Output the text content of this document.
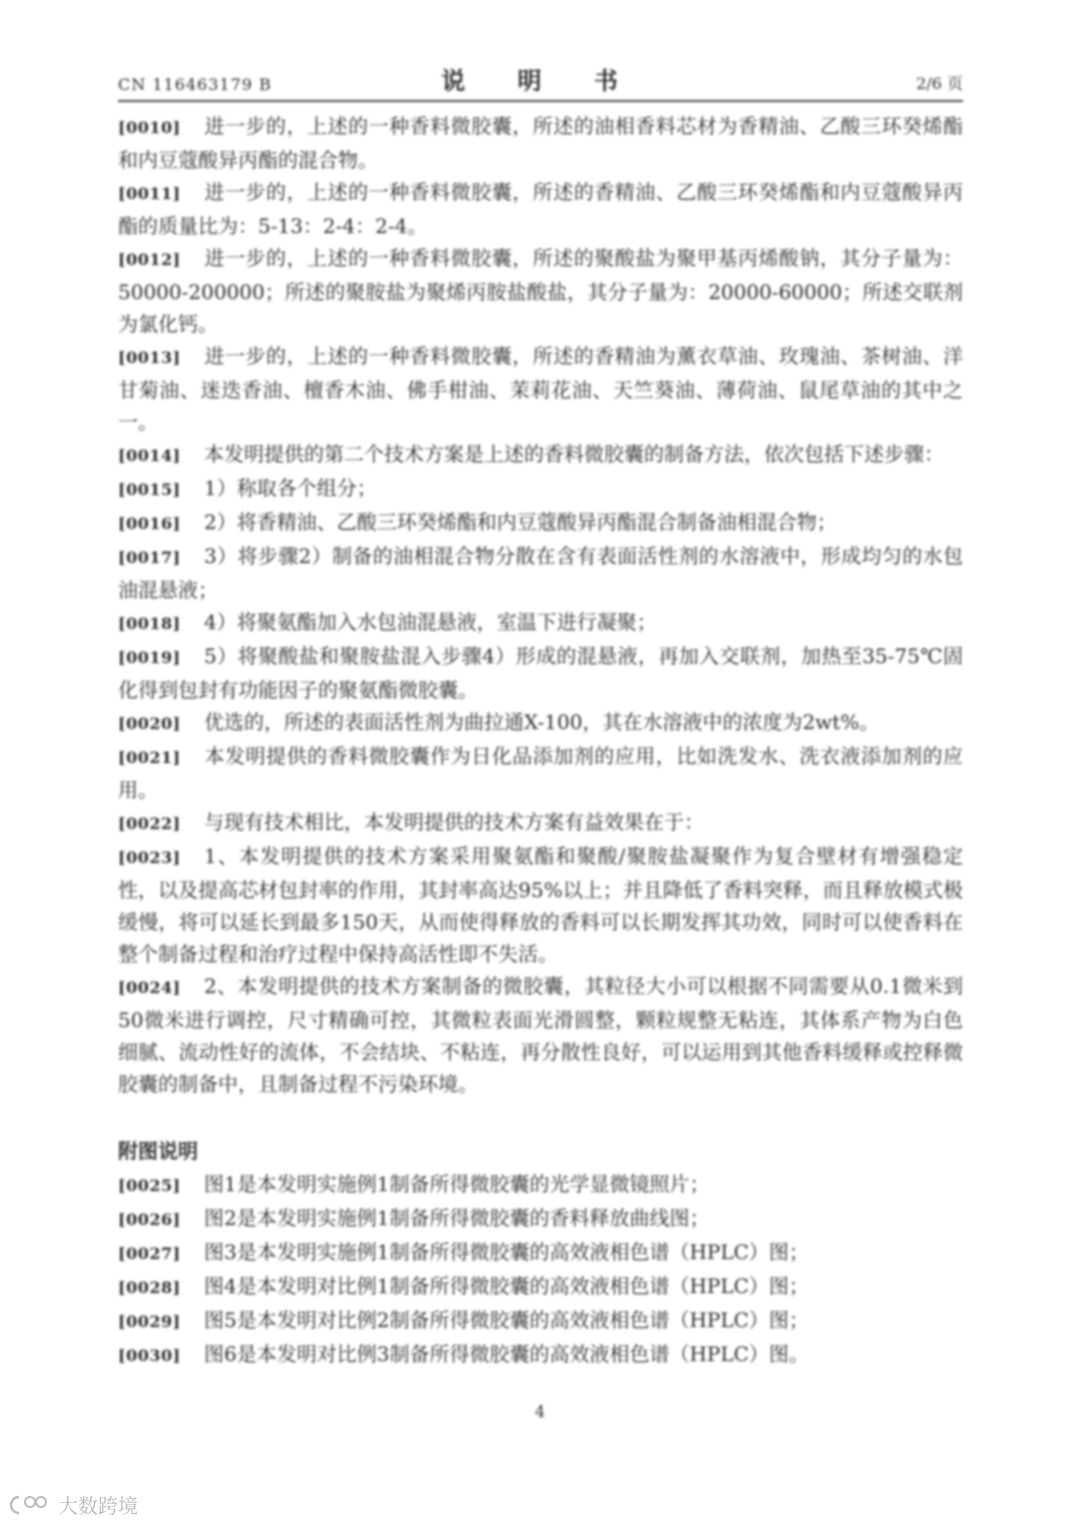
CN 116463179 B	说 明 书	2/6 页

[0010] 进一步的，上述的一种香料微胶囊，所述的油相香料芯材为香精油、乙酸三环癸烯酯和内豆蔻酸异丙酯的混合物。

[0011] 进一步的，上述的一种香料微胶囊，所述的香精油、乙酸三环癸烯酯和内豆蔻酸异丙酯的质量比为：5-13：2-4：2-4。

[0012] 进一步的，上述的一种香料微胶囊，所述的聚酸盐为聚甲基丙烯酸钠，其分子量为：50000-200000；所述的聚胺盐为聚烯丙胺盐酸盐，其分子量为：20000-60000；所述交联剂为氯化钙。

[0013] 进一步的，上述的一种香料微胶囊，所述的香精油为薰衣草油、玫瑰油、茶树油、洋甘菊油、迷迭香油、檀香木油、佛手柑油、茉莉花油、天竺葵油、薄荷油、鼠尾草油的其中之一。

[0014] 本发明提供的第二个技术方案是上述的香料微胶囊的制备方法，依次包括下述步骤：

[0015] 1）称取各个组分；

[0016] 2）将香精油、乙酸三环癸烯酯和内豆蔻酸异丙酯混合制备油相混合物；

[0017] 3）将步骤2）制备的油相混合物分散在含有表面活性剂的水溶液中，形成均匀的水包油混悬液；

[0018] 4）将聚氨酯加入水包油混悬液，室温下进行凝聚；

[0019] 5）将聚酸盐和聚胺盐混入步骤4）形成的混悬液，再加入交联剂，加热至35-75℃固化得到包封有功能因子的聚氨酯微胶囊。

[0020] 优选的，所述的表面活性剂为曲拉通X-100，其在水溶液中的浓度为2wt%。

[0021] 本发明提供的香料微胶囊作为日化品添加剂的应用，比如洗发水、洗衣液添加剂的应用。

[0022] 与现有技术相比，本发明提供的技术方案有益效果在于：

[0023] 1、本发明提供的技术方案采用聚氨酯和聚酸/聚胺盐凝聚作为复合壁材有增强稳定性，以及提高芯材包封率的作用，其封率高达95%以上；并且降低了香料突释，而且释放模式极缓慢，将可以延长到最多150天，从而使得释放的香料可以长期发挥其功效，同时可以使香料在整个制备过程和治疗过程中保持高活性即不失活。

[0024] 2、本发明提供的技术方案制备的微胶囊，其粒径大小可以根据不同需要从0.1微米到50微米进行调控，尺寸精确可控，其微粒表面光滑圆整，颗粒规整无粘连，其体系产物为白色细腻、流动性好的流体，不会结块、不粘连，再分散性良好，可以运用到其他香料缓释或控释微胶囊的制备中，且制备过程不污染环境。

附图说明

[0025] 图1是本发明实施例1制备所得微胶囊的光学显微镜照片；

[0026] 图2是本发明实施例1制备所得微胶囊的香料释放曲线图；

[0027] 图3是本发明实施例1制备所得微胶囊的高效液相色谱（HPLC）图；

[0028] 图4是本发明对比例1制备所得微胶囊的高效液相色谱（HPLC）图；

[0029] 图5是本发明对比例2制备所得微胶囊的高效液相色谱（HPLC）图；

[0030] 图6是本发明对比例3制备所得微胶囊的高效液相色谱（HPLC）图。

4
大数跨境
